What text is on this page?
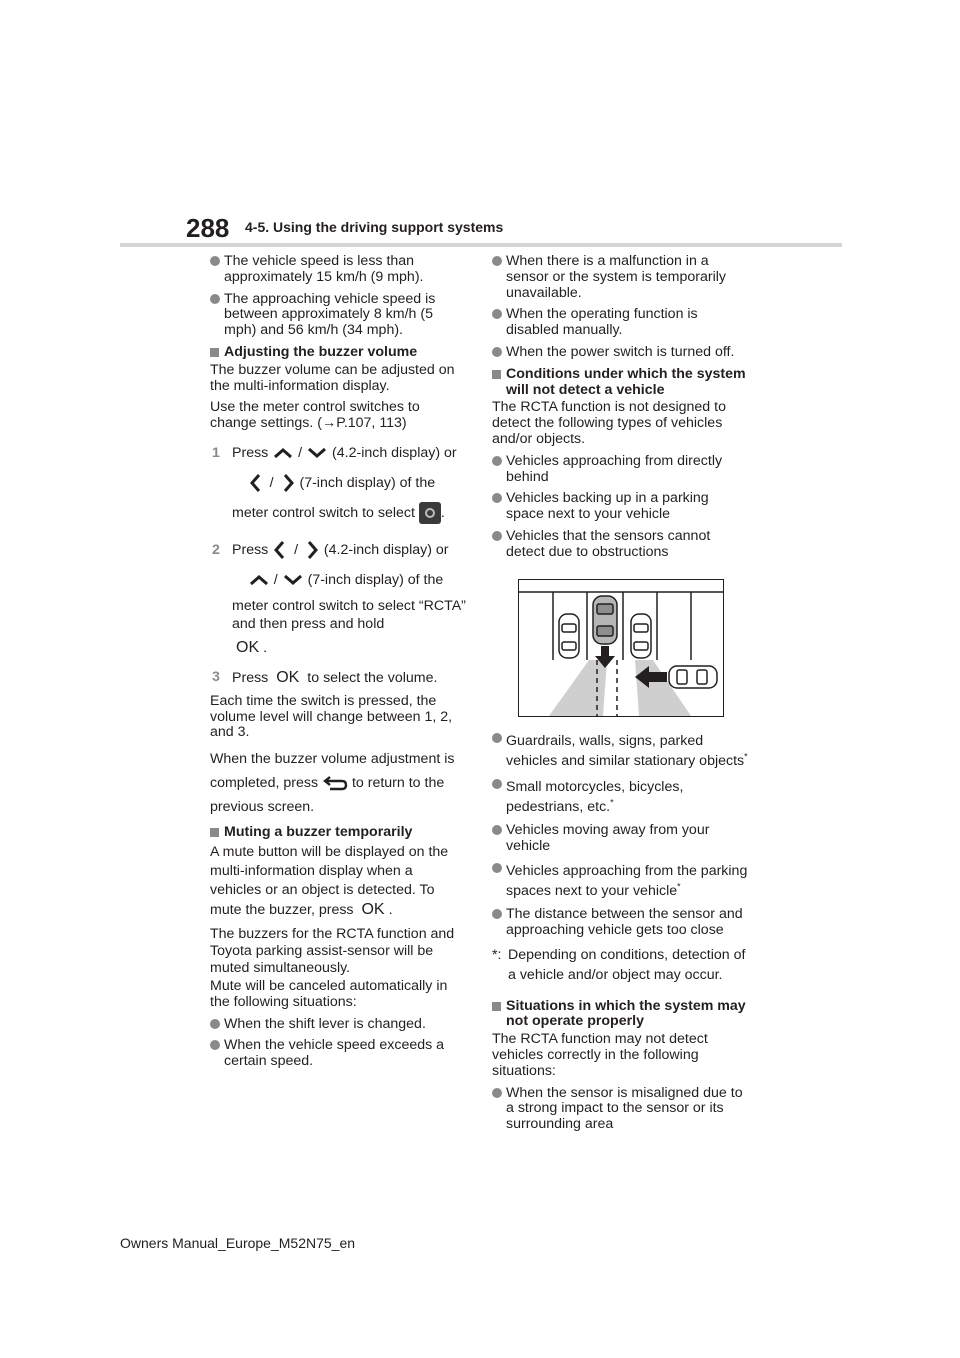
288 4-5. Using the driving support systems
The vehicle speed is less than approximately 15 km/h (9 mph).
The approaching vehicle speed is between approximately 8 km/h (5 mph) and 56 km/h (34 mph).
Adjusting the buzzer volume

The buzzer volume can be adjusted on the multi-information display.

Use the meter control switches to change settings. (→P.107, 113)

1 Press / (4.2-inch display) or
/ (7-inch display) of the
meter control switch to select .
2 Press / (4.2-inch display) or
/ (7-inch display) of the
meter control switch to select “RCTA” and then press and hold
OK .
3 Press OK to select the volume.

Each time the switch is pressed, the volume level will change between 1, 2, and 3.

When the buzzer volume adjustment is completed, press to return to the previous screen.

Muting a buzzer temporarily

A mute button will be displayed on the multi-information display when a vehicles or an object is detected. To mute the buzzer, press OK .

The buzzers for the RCTA function and Toyota parking assist-sensor will be muted simultaneously.

Mute will be canceled automatically in the following situations:

When the shift lever is changed.
When the vehicle speed exceeds a certain speed.
When there is a malfunction in a sensor or the system is temporarily unavailable.
When the operating function is disabled manually.
When the power switch is turned off.
Conditions under which the system will not detect a vehicle

The RCTA function is not designed to detect the following types of vehicles and/or objects.

Vehicles approaching from directly behind
Vehicles backing up in a parking space next to your vehicle
Vehicles that the sensors cannot detect due to obstructions
Guardrails, walls, signs, parked vehicles and similar stationary objects*
Small motorcycles, bicycles, pedestrians, etc.*
Vehicles moving away from your vehicle
Vehicles approaching from the parking spaces next to your vehicle*
The distance between the sensor and approaching vehicle gets too close
*: Depending on conditions, detection of a vehicle and/or object may occur.
Situations in which the system may not operate properly

The RCTA function may not detect vehicles correctly in the following situations:

When the sensor is misaligned due to a strong impact to the sensor or its surrounding area
Owners Manual_Europe_M52N75_en
